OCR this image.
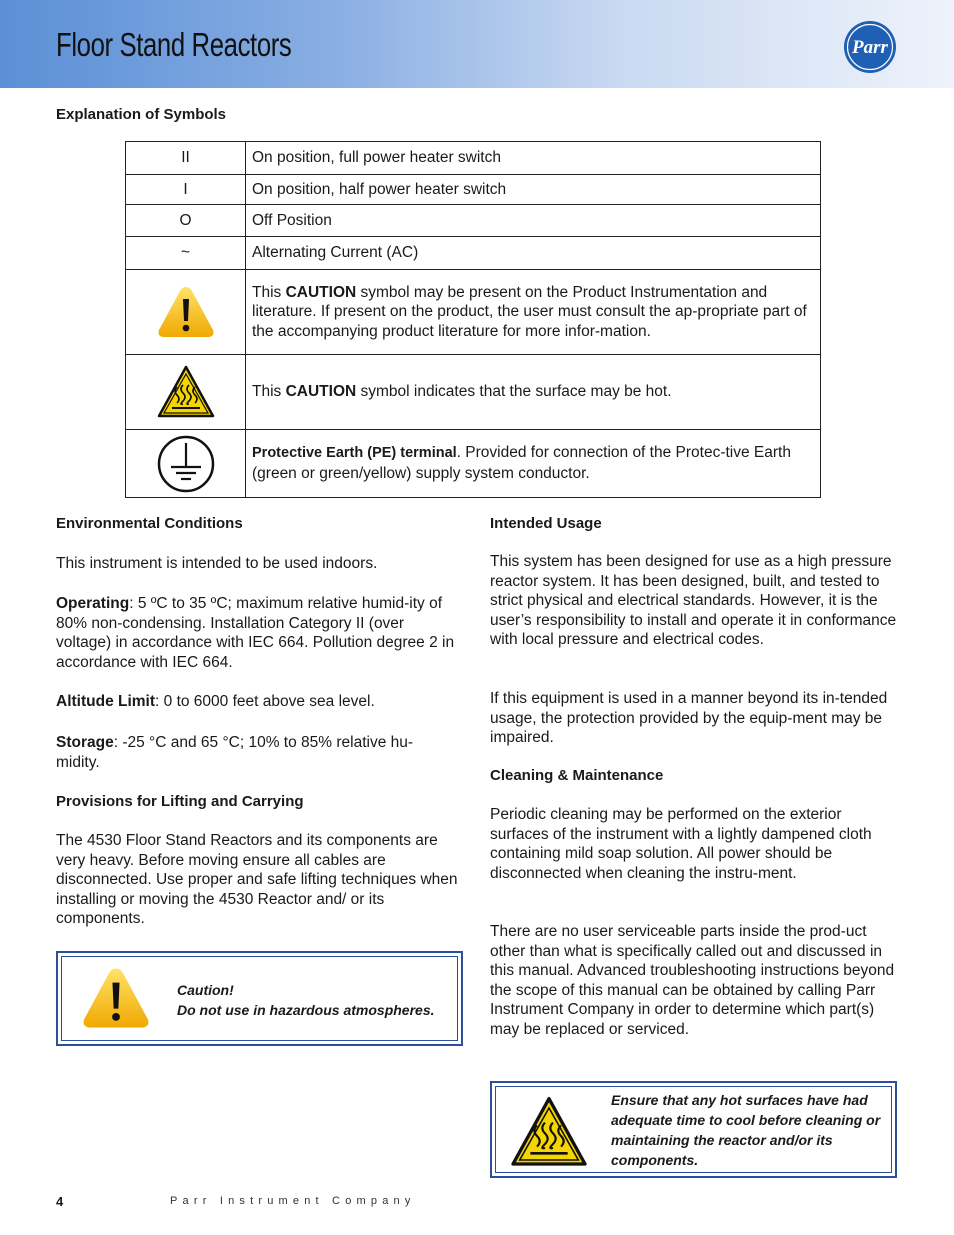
Floor Stand Reactors	Parr
Explanation of Symbols
II	On position, full power heater switch
I	On position, half power heater switch
O	Off Position
~	Alternating Current (AC)

	This CAUTION symbol may be present on the Product Instrumentation and literature. If present on the product, the user must consult the ap-propriate part of the accompanying product literature for more infor-mation.

	This CAUTION symbol indicates that the surface may be hot.

	Protective Earth (PE) terminal. Provided for connection of the Protec-tive Earth (green or green/yellow) supply system conductor.
Environmental Conditions
This instrument is intended to be used indoors.
Operating: 5 ºC to 35 ºC; maximum relative humid-ity of 80% non-condensing. Installation Category II (over voltage) in accordance with IEC 664. Pollution degree 2 in accordance with IEC 664.
Altitude Limit: 0 to 6000 feet above sea level.
Storage: -25 °C and 65 °C; 10% to 85% relative hu-midity.
Provisions for Lifting and Carrying
The 4530 Floor Stand Reactors and its components are very heavy. Before moving ensure all cables are disconnected. Use proper and safe lifting techniques when installing or moving the 4530 Reactor and/ or its components.
Caution!
Do not use in hazardous atmospheres.
Intended Usage
This system has been designed for use as a high pressure reactor system. It has been designed, built, and tested to strict physical and electrical standards. However, it is the user’s responsibility to install and operate it in conformance with local pressure and electrical codes.
If this equipment is used in a manner beyond its in-tended usage, the protection provided by the equip-ment may be impaired.
Cleaning & Maintenance
Periodic cleaning may be performed on the exterior surfaces of the instrument with a lightly dampened cloth containing mild soap solution. All power should be disconnected when cleaning the instru-ment.
There are no user serviceable parts inside the prod-uct other than what is specifically called out and discussed in this manual. Advanced troubleshooting instructions beyond the scope of this manual can be obtained by calling Parr Instrument Company in order to determine which part(s) may be replaced or serviced.
Ensure that any hot surfaces have had adequate time to cool before cleaning or maintaining the reactor and/or its components.
4	Parr Instrument Company
